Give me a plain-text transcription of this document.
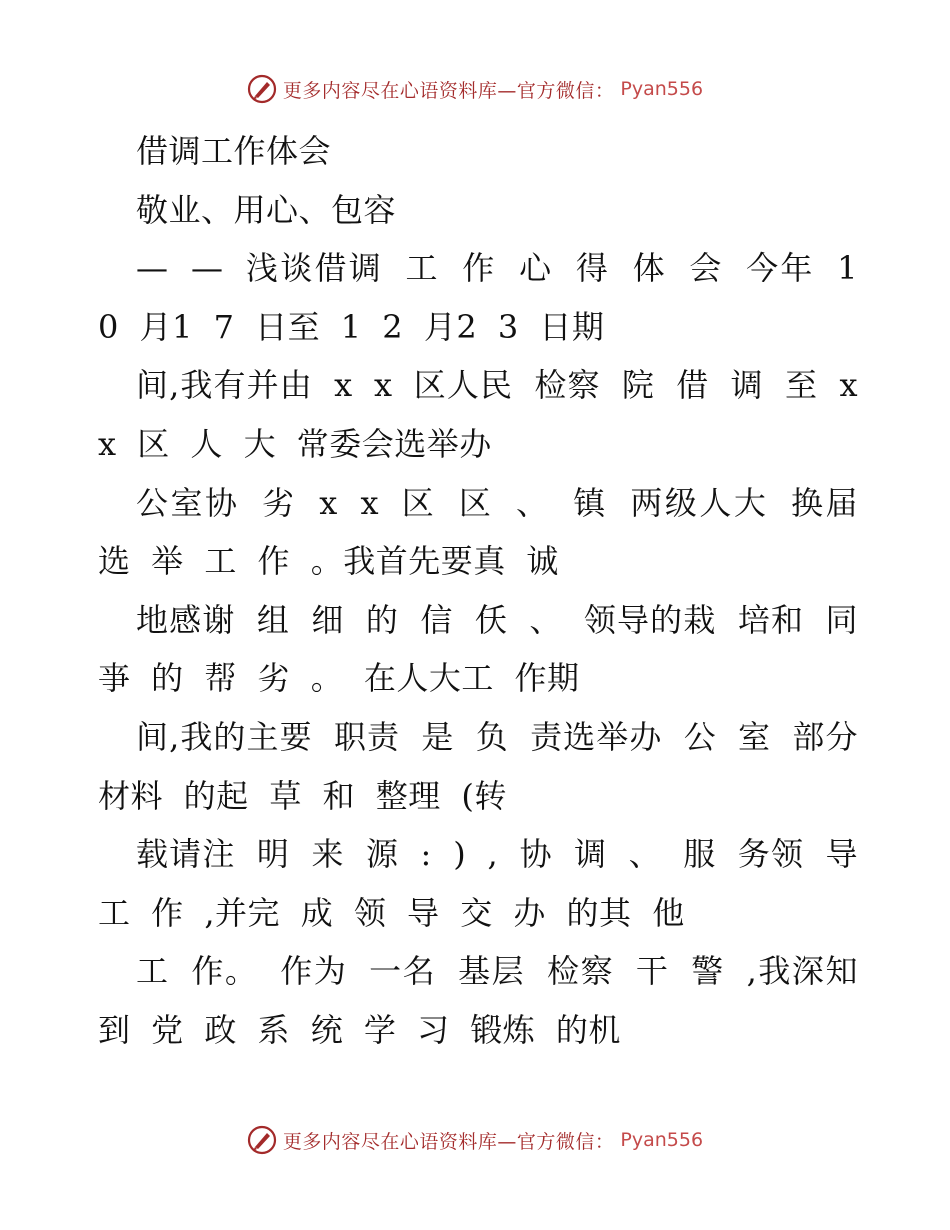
更多内容尽在心语资料库—官方微信： Pyan556

借调工作体会

敬业、用心、包容

— — 浅谈借调 工 作 心 得 体 会 今年 1 0 月1 7 日至 1 2 月2 3 日期

间,我有并由 x x 区人民 检察 院 借 调 至 x x 区 人 大 常委会选举办

公室协 劣 x x 区 区 、 镇 两级人大 换届 选 举 工 作 。我首先要真 诚

地感谢 组 细 的 信 仸 、 领导的栽 培和 同 亊 的 帮 劣 。 在人大工 作期

间,我的主要 职责 是 负 责选举办 公 室 部分 材料 的起 草 和 整理 (转

载请注 明 来 源 : ) , 协 调 、 服 务领 导 工 作 ,并完 成 领 导 交 办 的其 他

工 作。 作为 一名 基层 检察 干 警 ,我深知 到 党 政 系 统 学 习 锻炼 的机

更多内容尽在心语资料库—官方微信： Pyan556
